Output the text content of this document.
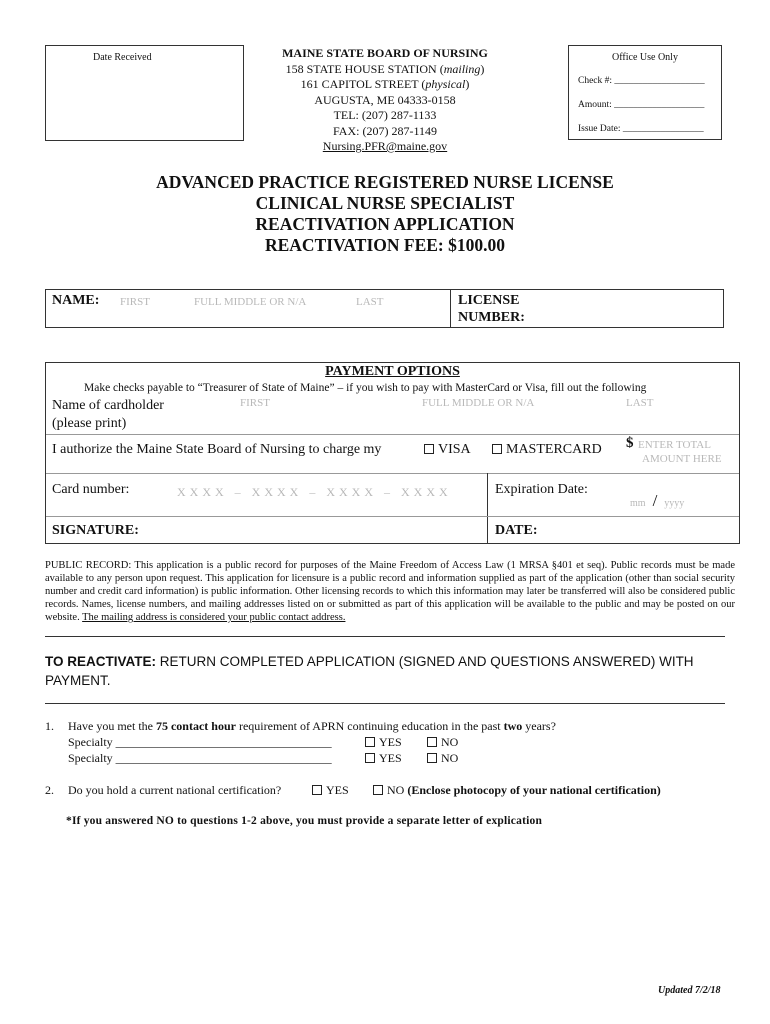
Date Received	MAINE STATE BOARD OF NURSING
158 STATE HOUSE STATION (mailing)
161 CAPITOL STREET (physical)
AUGUSTA, ME 04333-0158
TEL: (207) 287-1133
FAX: (207) 287-1149
Nursing.PFR@maine.gov
Office Use Only
Check #: ___________________
Amount: ___________________
Issue Date: _________________
ADVANCED PRACTICE REGISTERED NURSE LICENSE
CLINICAL NURSE SPECIALIST
REACTIVATION APPLICATION
REACTIVATION FEE: $100.00
NAME: FIRST	FULL MIDDLE OR N/A	LAST	LICENSE
NUMBER:
PAYMENT OPTIONS
Make checks payable to “Treasurer of State of Maine” – if you wish to pay with MasterCard or Visa, fill out the following
Name of cardholder
(please print)
FIRST	FULL MIDDLE OR N/A	LAST
I authorize the Maine State Board of Nursing to charge my	VISA	MASTERCARD $ ENTER TOTAL
AMOUNT HERE
Card number:	X X X X   –   X X X X   –   X X X X   –   X X X X	Expiration Date:
mm / yyyy
SIGNATURE:	DATE:
PUBLIC RECORD: This application is a public record for purposes of the Maine Freedom of Access Law (1 MRSA §401 et seq). Public records must be made available to any person upon request. This application for licensure is a public record and information supplied as part of the application (other than social security number and credit card information) is public information. Other licensing records to which this information may later be transferred will also be considered public records. Names, license numbers, and mailing addresses listed on or submitted as part of this application will be available to the public and may be posted on our website. The mailing address is considered your public contact address.
TO REACTIVATE: RETURN COMPLETED APPLICATION (SIGNED AND QUESTIONS ANSWERED) WITH PAYMENT.
1. Have you met the 75 contact hour requirement of APRN continuing education in the past two years?
Specialty ____________________________________	YES	NO
Specialty ____________________________________	YES	NO
2. Do you hold a current national certification?	YES	NO (Enclose photocopy of your national certification)
*If you answered NO to questions 1-2 above, you must provide a separate letter of explication
Updated 7/2/18
